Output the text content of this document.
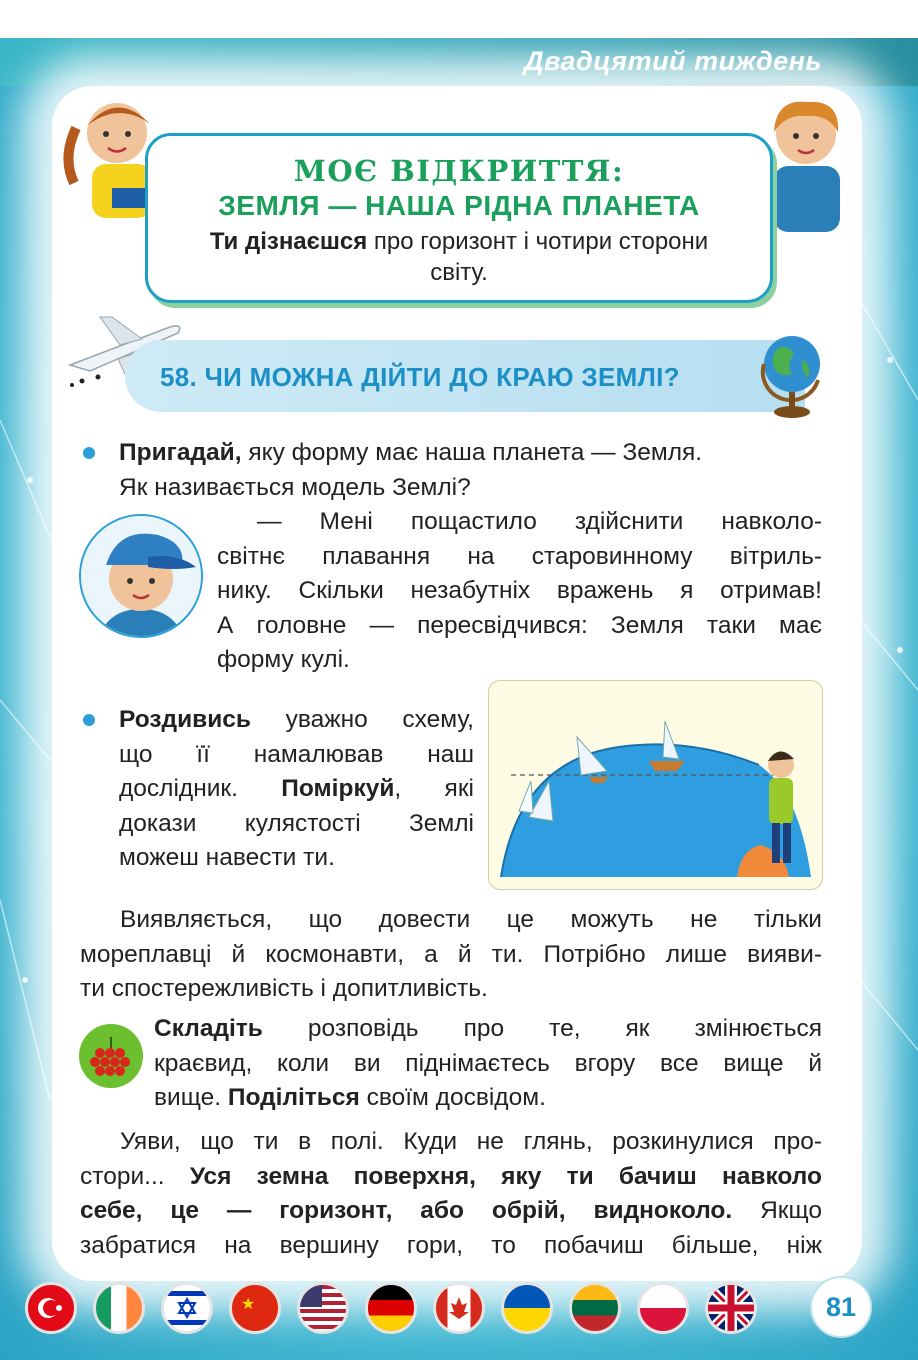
Двадцятий тиждень
МОЄ ВІДКРИТТЯ:
ЗЕМЛЯ — НАША РІДНА ПЛАНЕТА
Ти дізнаєшся про горизонт і чотири сторони світу.
58. ЧИ МОЖНА ДІЙТИ ДО КРАЮ ЗЕМЛІ?
Пригадай, яку форму має наша планета — Земля.
Як називається модель Землі?
— Мені пощастило здійснити навколо-
світнє плавання на старовинному вітриль-
нику. Скільки незабутніх вражень я отримав!
А головне — пересвідчився: Земля таки має
форму кулі.
Роздивись уважно схему,
що її намалював наш
дослідник. Поміркуй, які
докази кулястості Землі
можеш навести ти.
Виявляється, що довести це можуть не тільки
мореплавці й космонавти, а й ти. Потрібно лише вияви-
ти спостережливість і допитливість.
Складіть розповідь про те, як змінюється
краєвид, коли ви піднімаєтесь вгору все вище й
вище. Поділіться своїм досвідом.
Уяви, що ти в полі. Куди не глянь, розкинулися про-
стори... Уся земна поверхня, яку ти бачиш навколо
себе, це — горизонт, або обрій, видноколо. Якщо
забратися на вершину гори, то побачиш більше, ніж
★	81
